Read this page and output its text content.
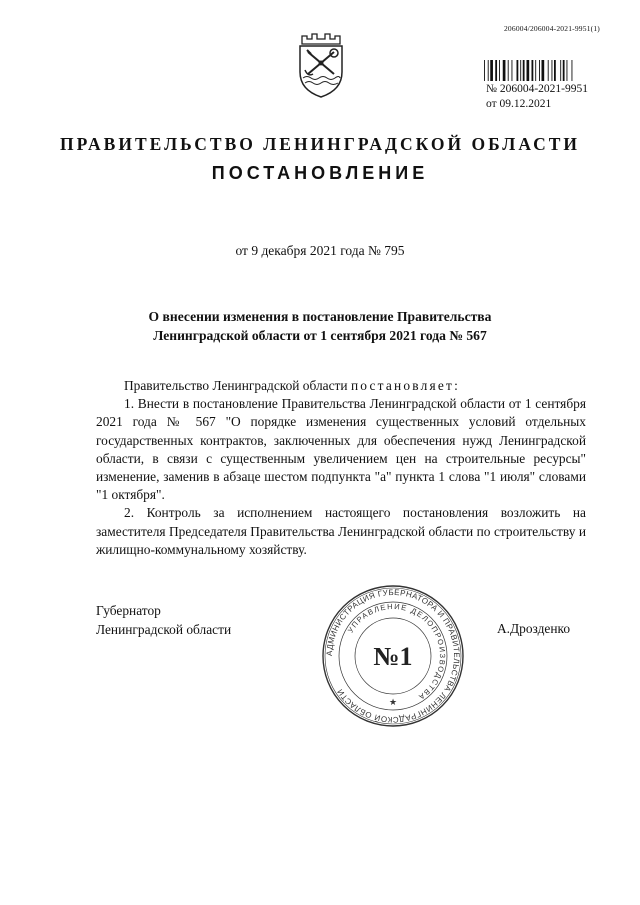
206004/206004-2021-9951(1)
№ 206004-2021-9951
от 09.12.2021
ПРАВИТЕЛЬСТВО ЛЕНИНГРАДСКОЙ ОБЛАСТИ
ПОСТАНОВЛЕНИЕ
от 9 декабря 2021 года № 795
О внесении изменения в постановление Правительства
Ленинградской области от 1 сентября 2021 года № 567

Правительство Ленинградской области постановляет:

1. Внести в постановление Правительства Ленинградской области от 1 сентября 2021 года № 567 "О порядке изменения существенных условий отдельных государственных контрактов, заключенных для обеспечения нужд Ленинградской области, в связи с существенным увеличением цен на строительные ресурсы" изменение, заменив в абзаце шестом подпункта "а" пункта 1 слова "1 июля" словами "1 октября".

2. Контроль за исполнением настоящего постановления возложить на заместителя Председателя Правительства Ленинградской области по строительству и жилищно-коммунальному хозяйству.

Губернатор
Ленинградской области	А.Дрозденко
АДМИНИСТРАЦИЯ ГУБЕРНАТОРА И ПРАВИТЕЛЬСТВА ЛЕНИНГРАДСКОЙ ОБЛАСТИ
УПРАВЛЕНИЕ ДЕЛОПРОИЗВОДСТВА
№1
★
